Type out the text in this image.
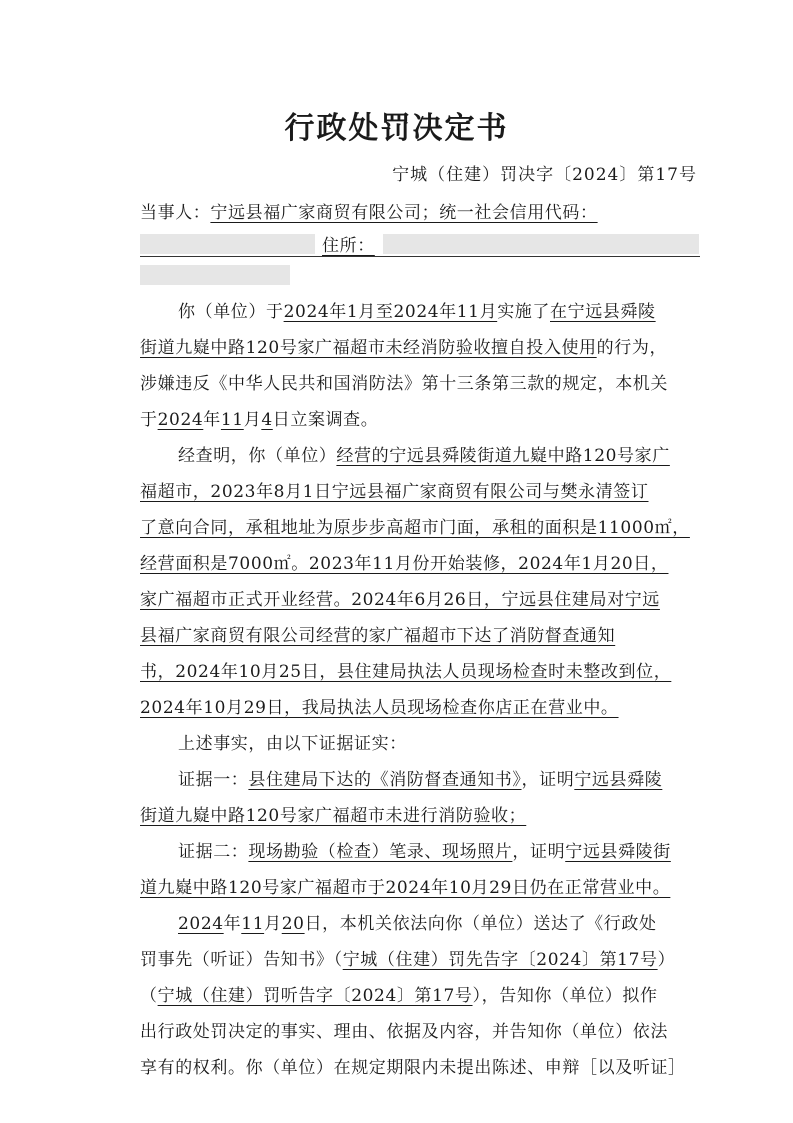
行政处罚决定书
宁城（住建）罚决字〔2024〕第17号
当事人：宁远县福广家商贸有限公司；统一社会信用代码：
住所：
你（单位）于2024年1月至2024年11月实施了在宁远县舜陵
街道九嶷中路120号家广福超市未经消防验收擅自投入使用的行为，
涉嫌违反《中华人民共和国消防法》第十三条第三款的规定，本机关
于2024年11月4日立案调查。
经查明，你（单位）经营的宁远县舜陵街道九嶷中路120号家广
福超市，2023年8月1日宁远县福广家商贸有限公司与樊永清签订
了意向合同，承租地址为原步步高超市门面，承租的面积是11000㎡，
经营面积是7000㎡。2023年11月份开始装修，2024年1月20日，
家广福超市正式开业经营。2024年6月26日，宁远县住建局对宁远
县福广家商贸有限公司经营的家广福超市下达了消防督查通知
书，2024年10月25日，县住建局执法人员现场检查时未整改到位，
2024年10月29日，我局执法人员现场检查你店正在营业中。
上述事实，由以下证据证实：
证据一：县住建局下达的《消防督查通知书》，证明宁远县舜陵
街道九嶷中路120号家广福超市未进行消防验收；
证据二：现场勘验（检查）笔录、现场照片，证明宁远县舜陵街
道九嶷中路120号家广福超市于2024年10月29日仍在正常营业中。
2024年11月20日，本机关依法向你（单位）送达了《行政处
罚事先（听证）告知书》（宁城（住建）罚先告字〔2024〕第17号）
（宁城（住建）罚听告字〔2024〕第17号），告知你（单位）拟作
出行政处罚决定的事实、理由、依据及内容，并告知你（单位）依法
享有的权利。你（单位）在规定期限内未提出陈述、申辩［以及听证］
